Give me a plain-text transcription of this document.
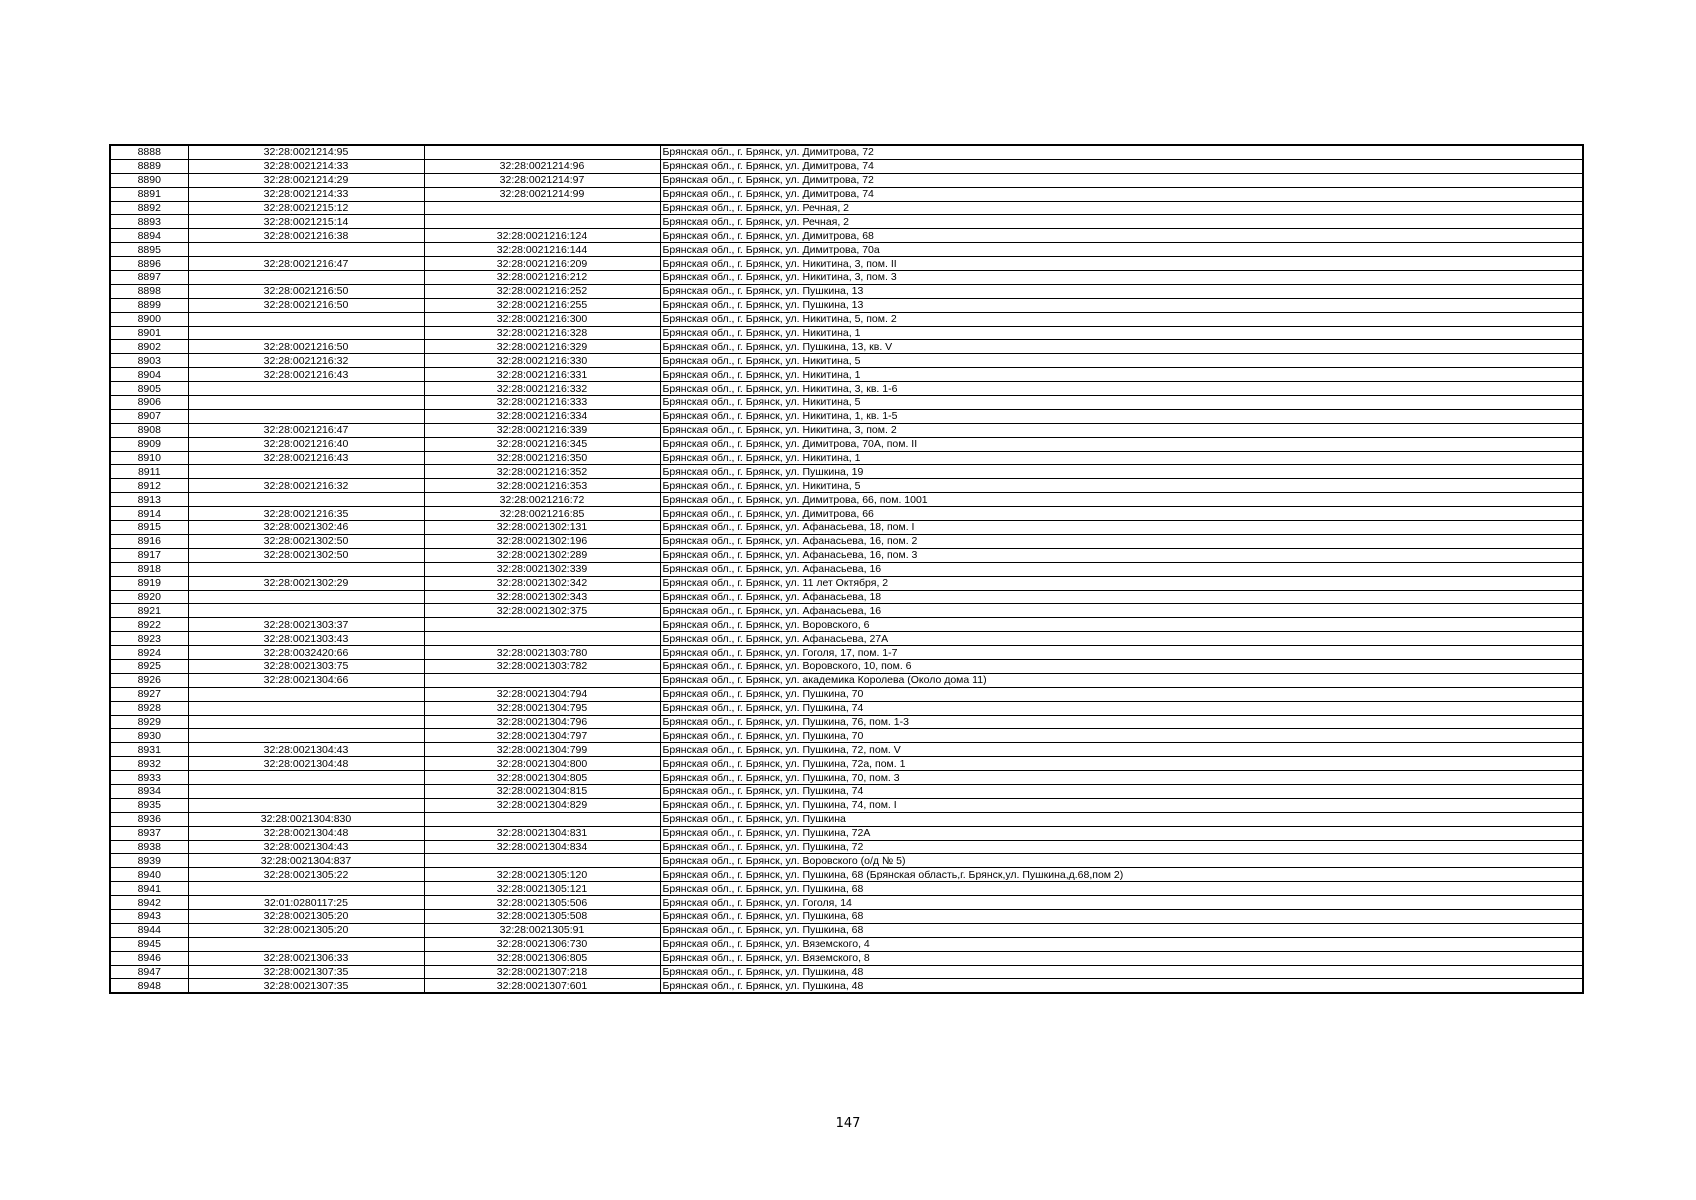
8888	32:28:0021214:95		Брянская обл., г. Брянск, ул. Димитрова, 72
8889	32:28:0021214:33	32:28:0021214:96	Брянская обл., г. Брянск, ул. Димитрова, 74
8890	32:28:0021214:29	32:28:0021214:97	Брянская обл., г. Брянск, ул. Димитрова, 72
8891	32:28:0021214:33	32:28:0021214:99	Брянская обл., г. Брянск, ул. Димитрова, 74
8892	32:28:0021215:12		Брянская обл., г. Брянск, ул. Речная, 2
8893	32:28:0021215:14		Брянская обл., г. Брянск, ул. Речная, 2
8894	32:28:0021216:38	32:28:0021216:124	Брянская обл., г. Брянск, ул. Димитрова, 68
8895		32:28:0021216:144	Брянская обл., г. Брянск, ул. Димитрова, 70а
8896	32:28:0021216:47	32:28:0021216:209	Брянская обл., г. Брянск, ул. Никитина, 3, пом. II
8897		32:28:0021216:212	Брянская обл., г. Брянск, ул. Никитина, 3, пом. 3
8898	32:28:0021216:50	32:28:0021216:252	Брянская обл., г. Брянск, ул. Пушкина, 13
8899	32:28:0021216:50	32:28:0021216:255	Брянская обл., г. Брянск, ул. Пушкина, 13
8900		32:28:0021216:300	Брянская обл., г. Брянск, ул. Никитина, 5, пом. 2
8901		32:28:0021216:328	Брянская обл., г. Брянск, ул. Никитина, 1
8902	32:28:0021216:50	32:28:0021216:329	Брянская обл., г. Брянск, ул. Пушкина, 13, кв. V
8903	32:28:0021216:32	32:28:0021216:330	Брянская обл., г. Брянск, ул. Никитина, 5
8904	32:28:0021216:43	32:28:0021216:331	Брянская обл., г. Брянск, ул. Никитина, 1
8905		32:28:0021216:332	Брянская обл., г. Брянск, ул. Никитина, 3, кв. 1-6
8906		32:28:0021216:333	Брянская обл., г. Брянск, ул. Никитина, 5
8907		32:28:0021216:334	Брянская обл., г. Брянск, ул. Никитина, 1, кв. 1-5
8908	32:28:0021216:47	32:28:0021216:339	Брянская обл., г. Брянск, ул. Никитина, 3, пом. 2
8909	32:28:0021216:40	32:28:0021216:345	Брянская обл., г. Брянск, ул. Димитрова, 70А, пом. II
8910	32:28:0021216:43	32:28:0021216:350	Брянская обл., г. Брянск, ул. Никитина, 1
8911		32:28:0021216:352	Брянская обл., г. Брянск, ул. Пушкина, 19
8912	32:28:0021216:32	32:28:0021216:353	Брянская обл., г. Брянск, ул. Никитина, 5
8913		32:28:0021216:72	Брянская обл., г. Брянск, ул. Димитрова, 66, пом. 1001
8914	32:28:0021216:35	32:28:0021216:85	Брянская обл., г. Брянск, ул. Димитрова, 66
8915	32:28:0021302:46	32:28:0021302:131	Брянская обл., г. Брянск, ул. Афанасьева, 18, пом. I
8916	32:28:0021302:50	32:28:0021302:196	Брянская обл., г. Брянск, ул. Афанасьева, 16, пом. 2
8917	32:28:0021302:50	32:28:0021302:289	Брянская обл., г. Брянск, ул. Афанасьева, 16, пом. 3
8918		32:28:0021302:339	Брянская обл., г. Брянск, ул. Афанасьева, 16
8919	32:28:0021302:29	32:28:0021302:342	Брянская обл., г. Брянск, ул. 11 лет Октября, 2
8920		32:28:0021302:343	Брянская обл., г. Брянск, ул. Афанасьева, 18
8921		32:28:0021302:375	Брянская обл., г. Брянск, ул. Афанасьева, 16
8922	32:28:0021303:37		Брянская обл., г. Брянск, ул. Воровского, 6
8923	32:28:0021303:43		Брянская обл., г. Брянск, ул. Афанасьева, 27А
8924	32:28:0032420:66	32:28:0021303:780	Брянская обл., г. Брянск, ул. Гоголя, 17, пом. 1-7
8925	32:28:0021303:75	32:28:0021303:782	Брянская обл., г. Брянск, ул. Воровского, 10, пом. 6
8926	32:28:0021304:66		Брянская обл., г. Брянск, ул. академика Королева (Около дома 11)
8927		32:28:0021304:794	Брянская обл., г. Брянск, ул. Пушкина, 70
8928		32:28:0021304:795	Брянская обл., г. Брянск, ул. Пушкина, 74
8929		32:28:0021304:796	Брянская обл., г. Брянск, ул. Пушкина, 76, пом. 1-3
8930		32:28:0021304:797	Брянская обл., г. Брянск, ул. Пушкина, 70
8931	32:28:0021304:43	32:28:0021304:799	Брянская обл., г. Брянск, ул. Пушкина, 72, пом. V
8932	32:28:0021304:48	32:28:0021304:800	Брянская обл., г. Брянск, ул. Пушкина, 72а, пом. 1
8933		32:28:0021304:805	Брянская обл., г. Брянск, ул. Пушкина, 70, пом. 3
8934		32:28:0021304:815	Брянская обл., г. Брянск, ул. Пушкина, 74
8935		32:28:0021304:829	Брянская обл., г. Брянск, ул. Пушкина, 74, пом. I
8936	32:28:0021304:830		Брянская обл., г. Брянск, ул. Пушкина
8937	32:28:0021304:48	32:28:0021304:831	Брянская обл., г. Брянск, ул. Пушкина, 72А
8938	32:28:0021304:43	32:28:0021304:834	Брянская обл., г. Брянск, ул. Пушкина, 72
8939	32:28:0021304:837		Брянская обл., г. Брянск, ул. Воровского (о/д № 5)
8940	32:28:0021305:22	32:28:0021305:120	Брянская обл., г. Брянск, ул. Пушкина, 68 (Брянская область,г. Брянск,ул. Пушкина,д.68,пом 2)
8941		32:28:0021305:121	Брянская обл., г. Брянск, ул. Пушкина, 68
8942	32:01:0280117:25	32:28:0021305:506	Брянская обл., г. Брянск, ул. Гоголя, 14
8943	32:28:0021305:20	32:28:0021305:508	Брянская обл., г. Брянск, ул. Пушкина, 68
8944	32:28:0021305:20	32:28:0021305:91	Брянская обл., г. Брянск, ул. Пушкина, 68
8945		32:28:0021306:730	Брянская обл., г. Брянск, ул. Вяземского, 4
8946	32:28:0021306:33	32:28:0021306:805	Брянская обл., г. Брянск, ул. Вяземского, 8
8947	32:28:0021307:35	32:28:0021307:218	Брянская обл., г. Брянск, ул. Пушкина, 48
8948	32:28:0021307:35	32:28:0021307:601	Брянская обл., г. Брянск, ул. Пушкина, 48
147
